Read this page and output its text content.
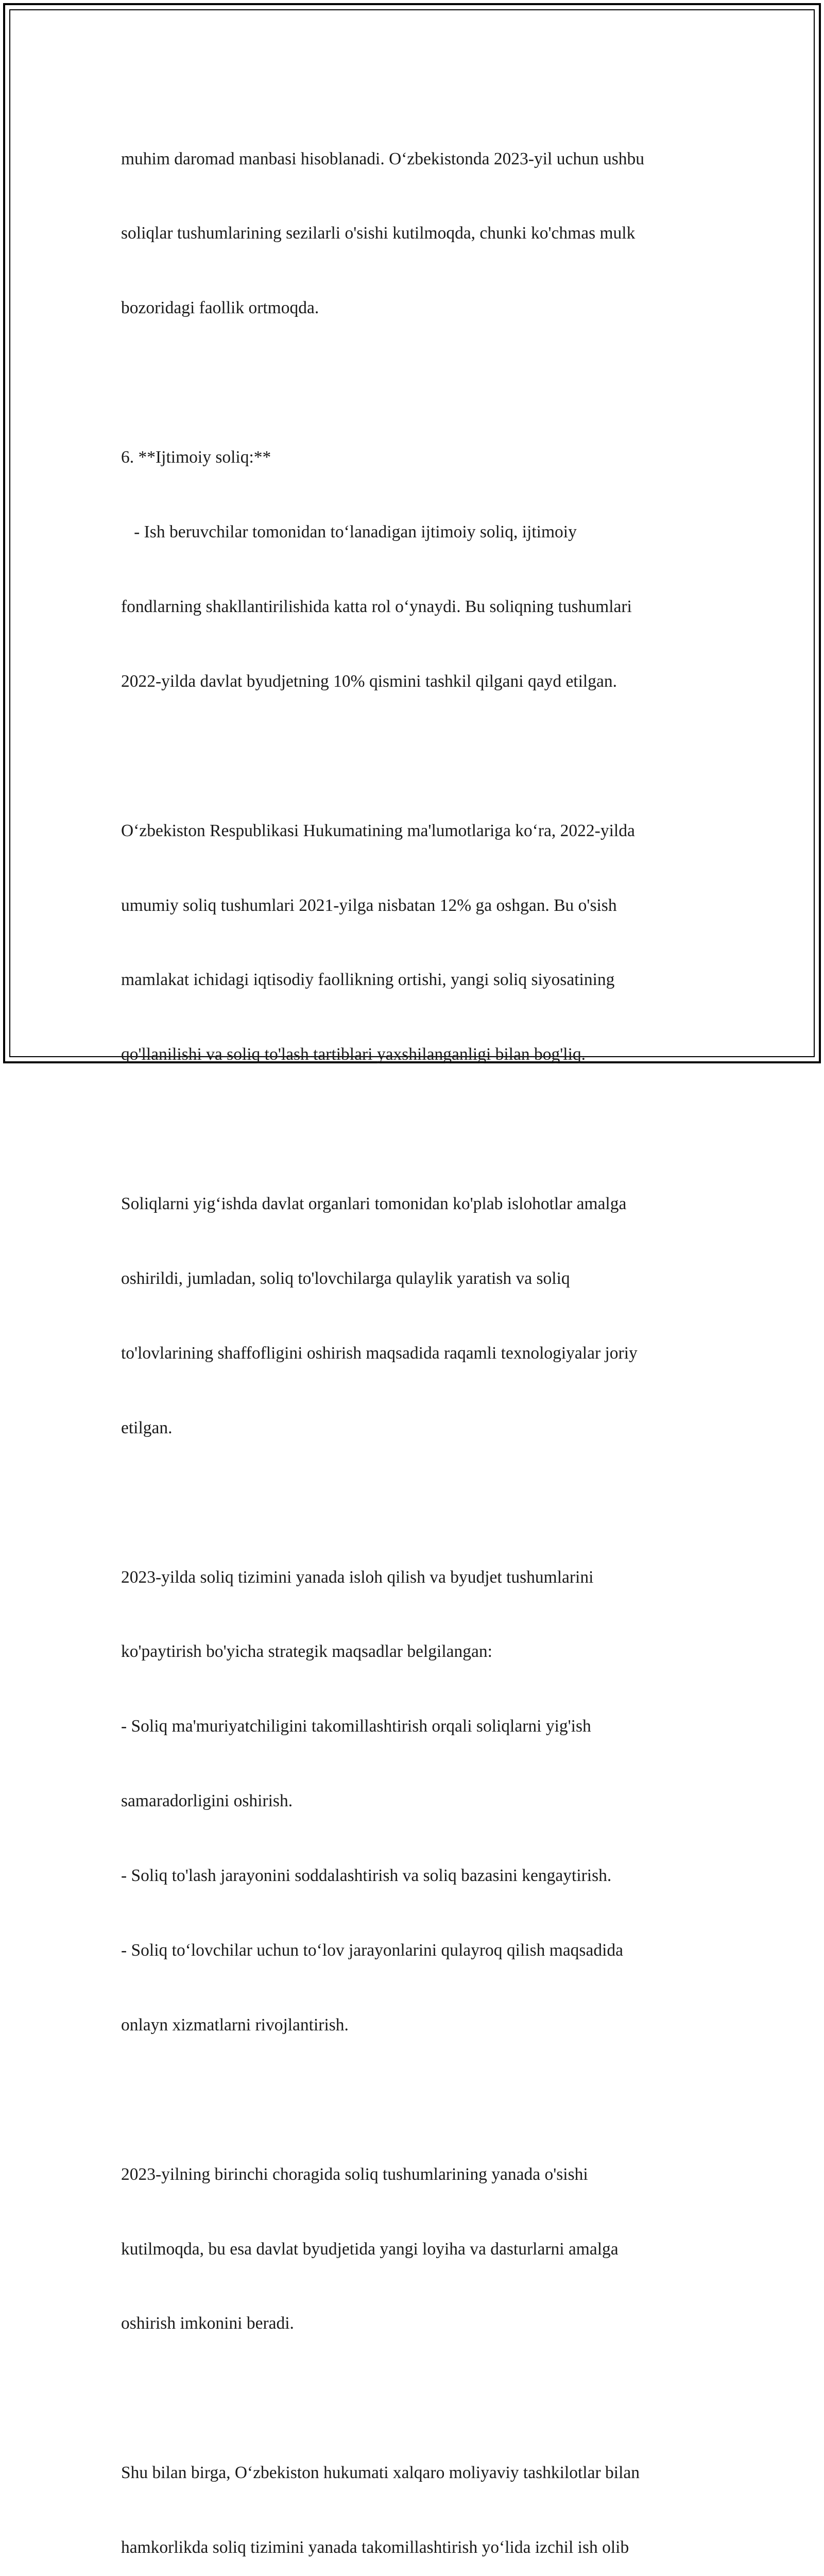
muhim daromad manbasi hisoblanadi. O‘zbekistonda 2023-yil uchun ushbu

soliqlar tushumlarining sezilarli o'sishi kutilmoqda, chunki ko'chmas mulk

bozoridagi faollik ortmoqda.

6. **Ijtimoiy soliq:**

- Ish beruvchilar tomonidan to‘lanadigan ijtimoiy soliq, ijtimoiy

fondlarning shakllantirilishida katta rol o‘ynaydi. Bu soliqning tushumlari

2022-yilda davlat byudjetning 10% qismini tashkil qilgani qayd etilgan.

O‘zbekiston Respublikasi Hukumatining ma'lumotlariga ko‘ra, 2022-yilda

umumiy soliq tushumlari 2021-yilga nisbatan 12% ga oshgan. Bu o'sish

mamlakat ichidagi iqtisodiy faollikning ortishi, yangi soliq siyosatining

qo'llanilishi va soliq to'lash tartiblari yaxshilanganligi bilan bog'liq.

Soliqlarni yig‘ishda davlat organlari tomonidan ko'plab islohotlar amalga

oshirildi, jumladan, soliq to'lovchilarga qulaylik yaratish va soliq

to'lovlarining shaffofligini oshirish maqsadida raqamli texnologiyalar joriy

etilgan.

2023-yilda soliq tizimini yanada isloh qilish va byudjet tushumlarini

ko'paytirish bo'yicha strategik maqsadlar belgilangan:

- Soliq ma'muriyatchiligini takomillashtirish orqali soliqlarni yig'ish

samaradorligini oshirish.

- Soliq to'lash jarayonini soddalashtirish va soliq bazasini kengaytirish.

- Soliq to‘lovchilar uchun to‘lov jarayonlarini qulayroq qilish maqsadida

onlayn xizmatlarni rivojlantirish.

2023-yilning birinchi choragida soliq tushumlarining yanada o'sishi

kutilmoqda, bu esa davlat byudjetida yangi loyiha va dasturlarni amalga

oshirish imkonini beradi.

Shu bilan birga, O‘zbekiston hukumati xalqaro moliyaviy tashkilotlar bilan

hamkorlikda soliq tizimini yanada takomillashtirish yo‘lida izchil ish olib
